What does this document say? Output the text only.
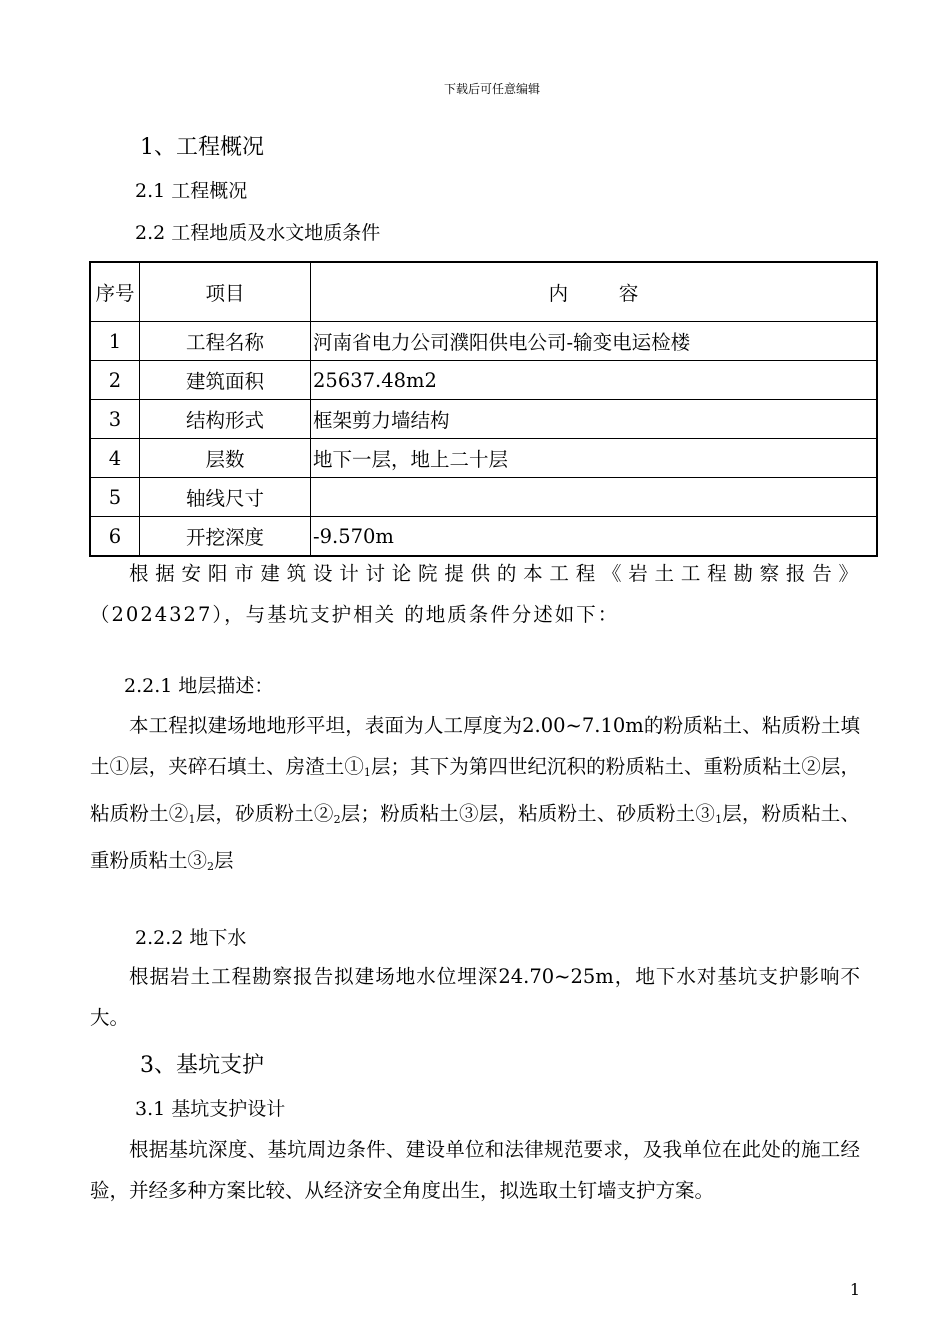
下载后可任意编辑
1、工程概况
2.1 工程概况
2.2 工程地质及水文地质条件
序号	项目	内容
1	工程名称	河南省电力公司濮阳供电公司-输变电运检楼
2	建筑面积	25637.48m2
3	结构形式	框架剪力墙结构
4	层数	地下一层，地上二十层
5	轴线尺寸	
6	开挖深度	-9.570m
根据安阳市建筑设计讨论院提供的本工程《岩土工程勘察报告》（2024327），与基坑支护相关 的地质条件分述如下：
2.2.1 地层描述：
本工程拟建场地地形平坦，表面为人工厚度为2.00~7.10m的粉质粘土、粘质粉土填土①层，夹碎石填土、房渣土$①_1$层；其下为第四世纪沉积的粉质粘土、重粉质粘土②层，粘质粉土$②_1$层，砂质粉土$②_2$层；粉质粘土③层，粘质粉土、砂质粉土$③_1$层，粉质粘土、重粉质粘土$③_2$层
2.2.2 地下水
根据岩土工程勘察报告拟建场地水位埋深24.70~25m，地下水对基坑支护影响不大。
3、基坑支护
3.1 基坑支护设计
根据基坑深度、基坑周边条件、建设单位和法律规范要求，及我单位在此处的施工经验，并经多种方案比较、从经济安全角度出生，拟选取土钉墙支护方案。
1
